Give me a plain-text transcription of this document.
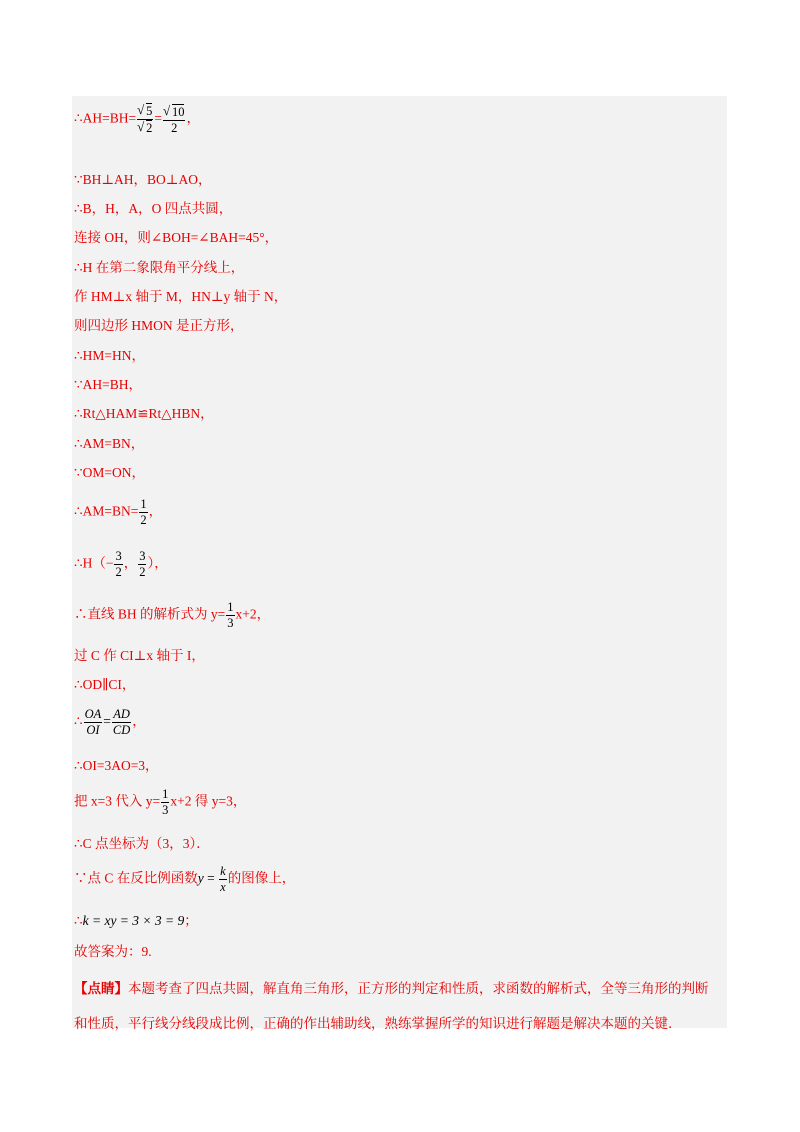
∴AH=BH= √ 5
√ 2 = √ $\frac{10}{2}$ ，
∵BH⊥AH，BO⊥AO，
∴B，H，A，O 四点共圆，
连接 OH，则∠BOH=∠BAH=45°，
∴H 在第二象限角平分线上，
作 HM⊥x 轴于 M，HN⊥y 轴于 N，
则四边形 HMON 是正方形，
∴HM=HN，
∵AH=BH，
∴Rt△HAM≌Rt△HBN，
∴AM=BN，
∵OM=ON，
∴AM=BN= $\frac{1}{2}$ ，
∴H（− $\frac{3}{2}$ ， $\frac{3}{2}$ ），
∴直线 BH 的解析式为 $y= \frac{1}{3} x+2$，
过 C 作 CI⊥x 轴于 I，
∴OD∥CI，
∴ $\frac{OA}{OI} = \frac{AD}{CD}$ ，
∴OI=3AO=3，
把 x=3 代入 $y= \frac{1}{3} x+2$ 得 y=3，
∴C 点坐标为（3，3）．
∵点 C 在反比例函数$y = \frac{k}{x}$ 的图像上，
∴k = xy = 3 × 3 = 9；
故答案为：9.
【点睛】本题考查了四点共圆，解直角三角形，正方形的判定和性质，求函数的解析式，全等三角形的判断和性质，平行线分线段成比例，正确的作出辅助线，熟练掌握所学的知识进行解题是解决本题的关键.
